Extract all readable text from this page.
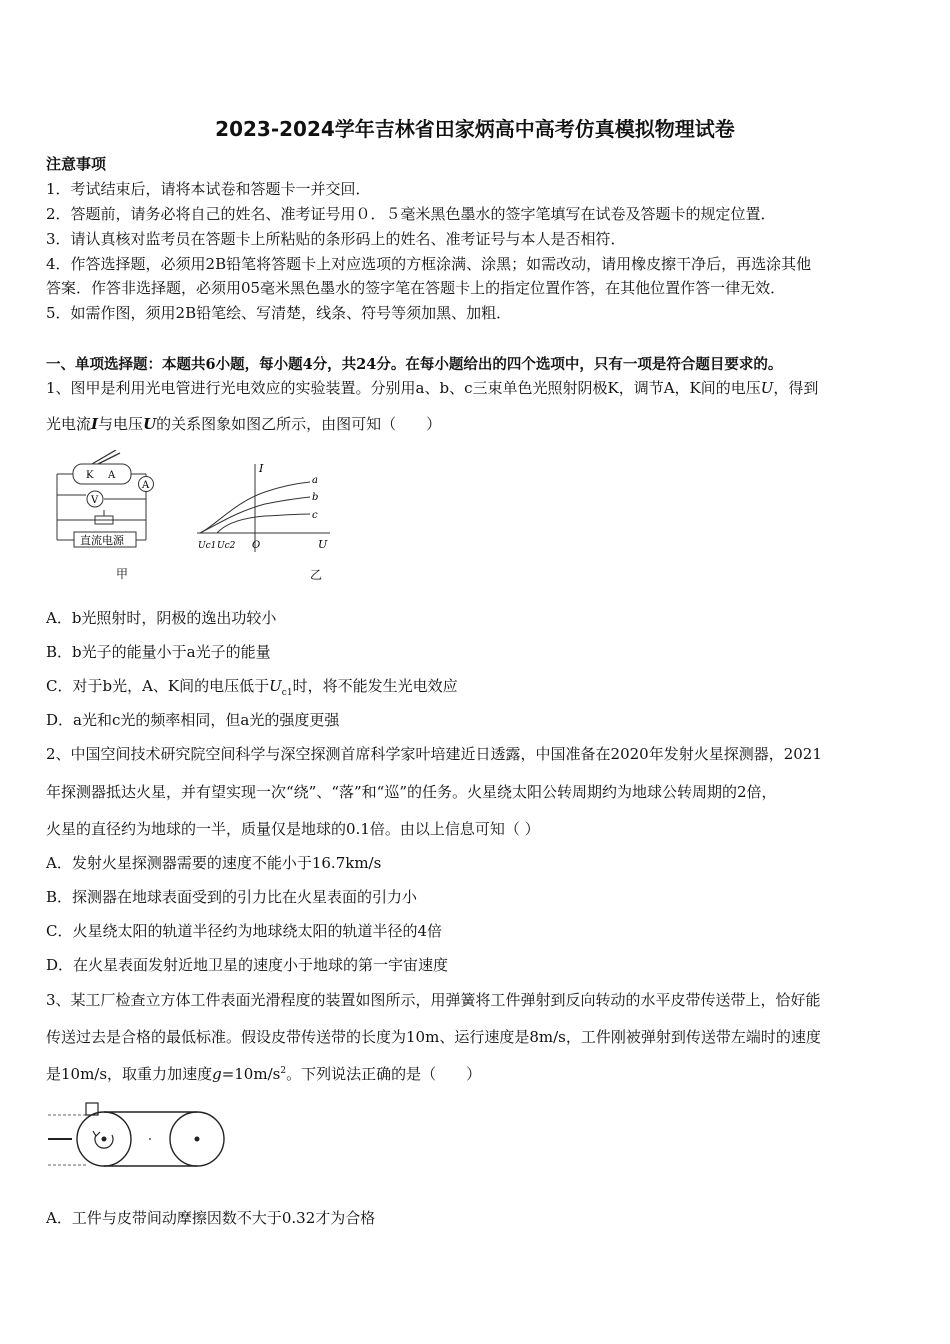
2023-2024学年吉林省田家炳高中高考仿真模拟物理试卷
注意事项
1．考试结束后，请将本试卷和答题卡一并交回．
2．答题前，请务必将自己的姓名、准考证号用０．５毫米黑色墨水的签字笔填写在试卷及答题卡的规定位置．
3．请认真核对监考员在答题卡上所粘贴的条形码上的姓名、准考证号与本人是否相符．
4．作答选择题，必须用2B铅笔将答题卡上对应选项的方框涂满、涂黑；如需改动，请用橡皮擦干净后，再选涂其他
答案．作答非选择题，必须用05毫米黑色墨水的签字笔在答题卡上的指定位置作答，在其他位置作答一律无效．
5．如需作图，须用2B铅笔绘、写清楚，线条、符号等须加黑、加粗．
一、单项选择题：本题共6小题，每小题4分，共24分。在每小题给出的四个选项中，只有一项是符合题目要求的。
1、图甲是利用光电管进行光电效应的实验装置。分别用a、b、c三束单色光照射阴极K，调节A，K间的电压U，得到
光电流I与电压U的关系图象如图乙所示，由图可知（　　）
K A
V
A
直流电源
甲
I
U
O
Uc1 Uc2
a
b
c
乙
A．b光照射时，阴极的逸出功较小
B．b光子的能量小于a光子的能量
C．对于b光，A、K间的电压低于$U_{c1}$时，将不能发生光电效应
D．a光和c光的频率相同，但a光的强度更强
2、中国空间技术研究院空间科学与深空探测首席科学家叶培建近日透露，中国准备在2020年发射火星探测器，2021
年探测器抵达火星，并有望实现一次“绕”、“落”和“巡”的任务。火星绕太阳公转周期约为地球公转周期的2倍，
火星的直径约为地球的一半，质量仅是地球的0.1倍。由以上信息可知（ ）
A．发射火星探测器需要的速度不能小于16.7km/s
B．探测器在地球表面受到的引力比在火星表面的引力小
C．火星绕太阳的轨道半径约为地球绕太阳的轨道半径的4倍
D．在火星表面发射近地卫星的速度小于地球的第一宇宙速度
3、某工厂检查立方体工件表面光滑程度的装置如图所示，用弹簧将工件弹射到反向转动的水平皮带传送带上，恰好能
传送过去是合格的最低标准。假设皮带传送带的长度为10m、运行速度是8m/s，工件刚被弹射到传送带左端时的速度
是10m/s，取重力加速度$g=10m/s^2$。下列说法正确的是（　　）
A．工件与皮带间动摩擦因数不大于0.32才为合格
